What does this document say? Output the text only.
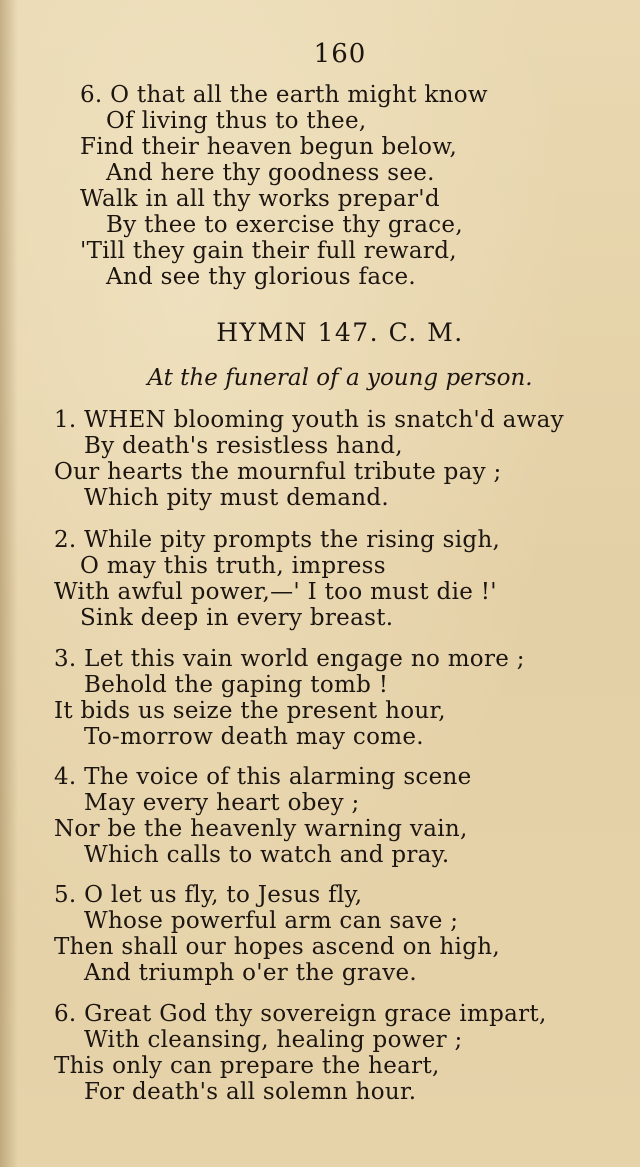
160
6. O that all the earth might know
Of living thus to thee,
Find their heaven begun below,
And here thy goodness see.
Walk in all thy works prepar'd
By thee to exercise thy grace,
'Till they gain their full reward,
And see thy glorious face.
HYMN 147. C. M.
At the funeral of a young person.
1. WHEN blooming youth is snatch'd away
By death's resistless hand,
Our hearts the mournful tribute pay ;
Which pity must demand.
2. While pity prompts the rising sigh,
O may this truth, impress
With awful power,—' I too must die !'
Sink deep in every breast.
3. Let this vain world engage no more ;
Behold the gaping tomb !
It bids us seize the present hour,
To-morrow death may come.
4. The voice of this alarming scene
May every heart obey ;
Nor be the heavenly warning vain,
Which calls to watch and pray.
5. O let us fly, to Jesus fly,
Whose powerful arm can save ;
Then shall our hopes ascend on high,
And triumph o'er the grave.
6. Great God thy sovereign grace impart,
With cleansing, healing power ;
This only can prepare the heart,
For death's all solemn hour.
